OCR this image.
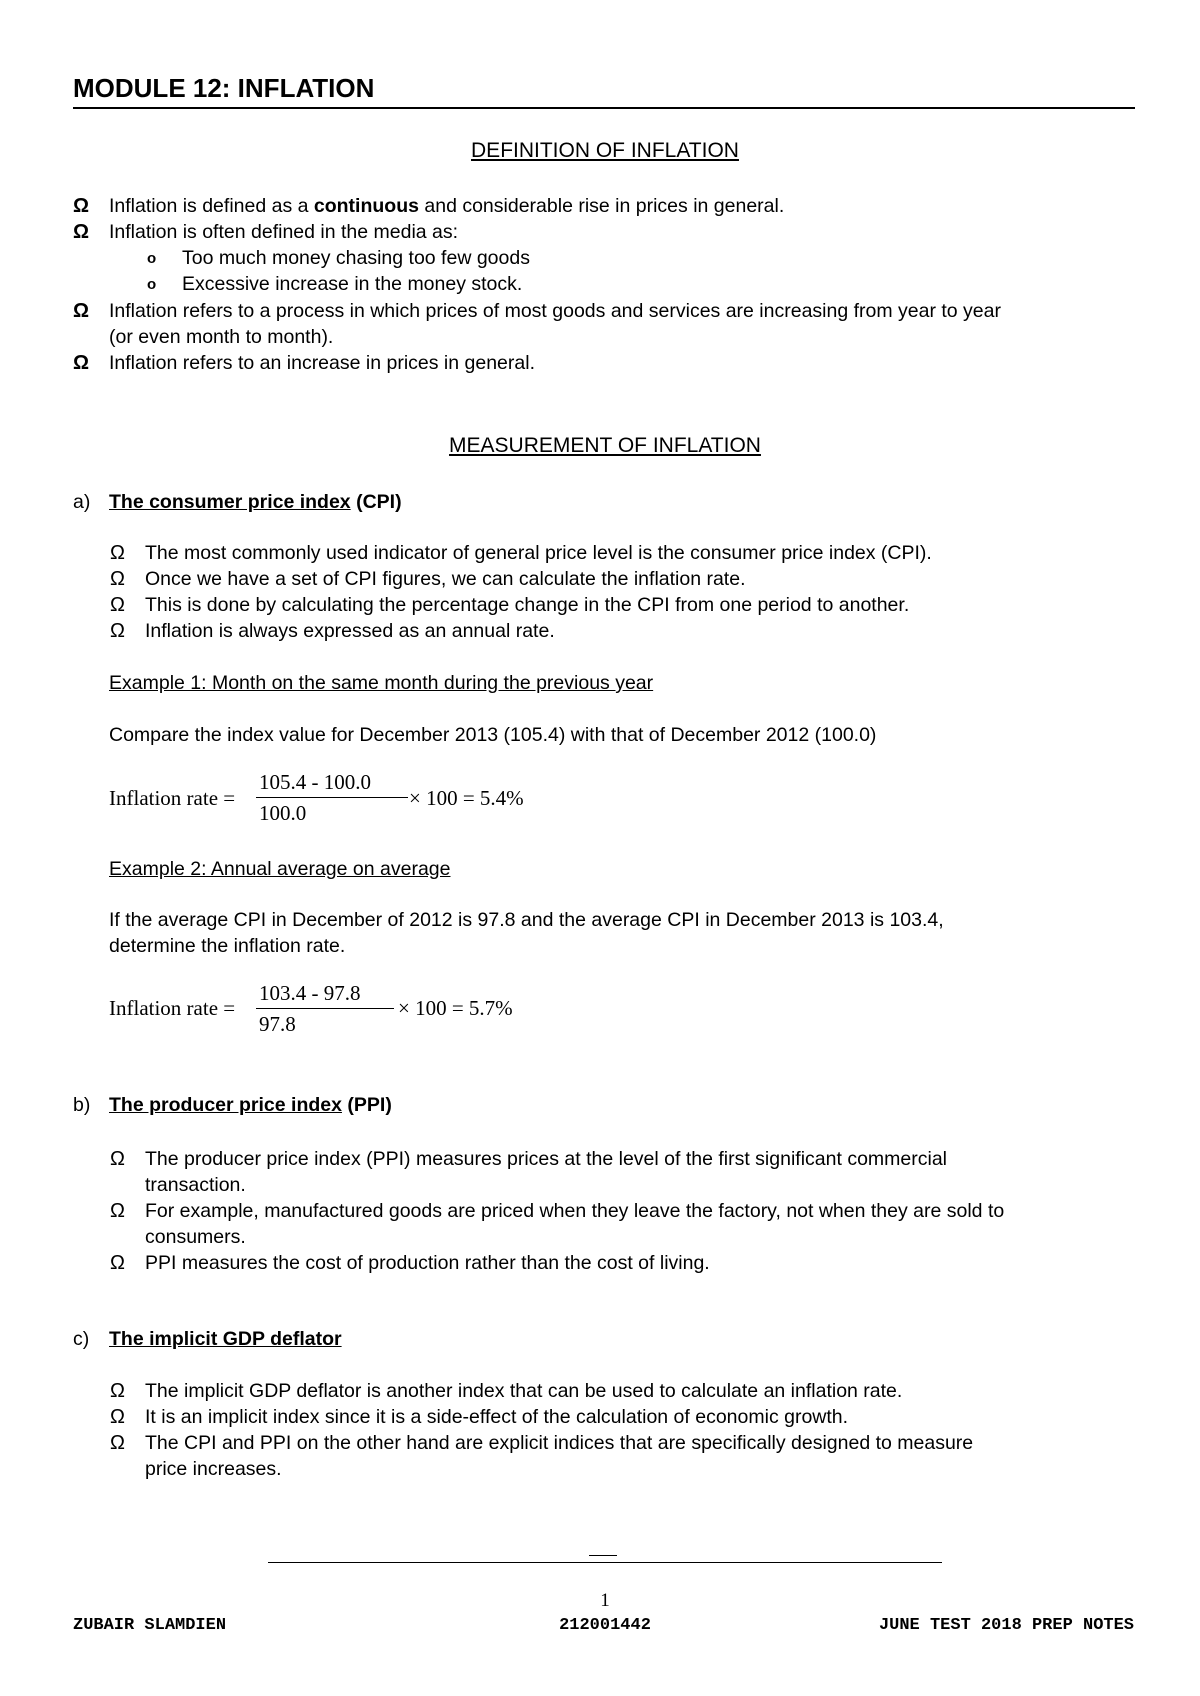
MODULE 12: INFLATION
DEFINITION OF INFLATION
Ω Inflation is defined as a continuous and considerable rise in prices in general.
Ω Inflation is often defined in the media as:
o Too much money chasing too few goods
o Excessive increase in the money stock.
Ω Inflation refers to a process in which prices of most goods and services are increasing from year to year
(or even month to month).
Ω Inflation refers to an increase in prices in general.
MEASUREMENT OF INFLATION
a) The consumer price index (CPI)
Ω The most commonly used indicator of general price level is the consumer price index (CPI).
Ω Once we have a set of CPI figures, we can calculate the inflation rate.
Ω This is done by calculating the percentage change in the CPI from one period to another.
Ω Inflation is always expressed as an annual rate.
Example 1: Month on the same month during the previous year
Compare the index value for December 2013 (105.4) with that of December 2012 (100.0)
Inflation rate =
105.4 - 100.0
100.0
× 100 = 5.4%
Example 2: Annual average on average
If the average CPI in December of 2012 is 97.8 and the average CPI in December 2013 is 103.4,
determine the inflation rate.
Inflation rate =
103.4 - 97.8
97.8
× 100 = 5.7%
b) The producer price index (PPI)
Ω The producer price index (PPI) measures prices at the level of the first significant commercial
transaction.
Ω For example, manufactured goods are priced when they leave the factory, not when they are sold to
consumers.
Ω PPI measures the cost of production rather than the cost of living.
c) The implicit GDP deflator
Ω The implicit GDP deflator is another index that can be used to calculate an inflation rate.
Ω It is an implicit index since it is a side-effect of the calculation of economic growth.
Ω The CPI and PPI on the other hand are explicit indices that are specifically designed to measure
price increases.
1
ZUBAIR SLAMDIEN	212001442	JUNE TEST 2018 PREP NOTES
